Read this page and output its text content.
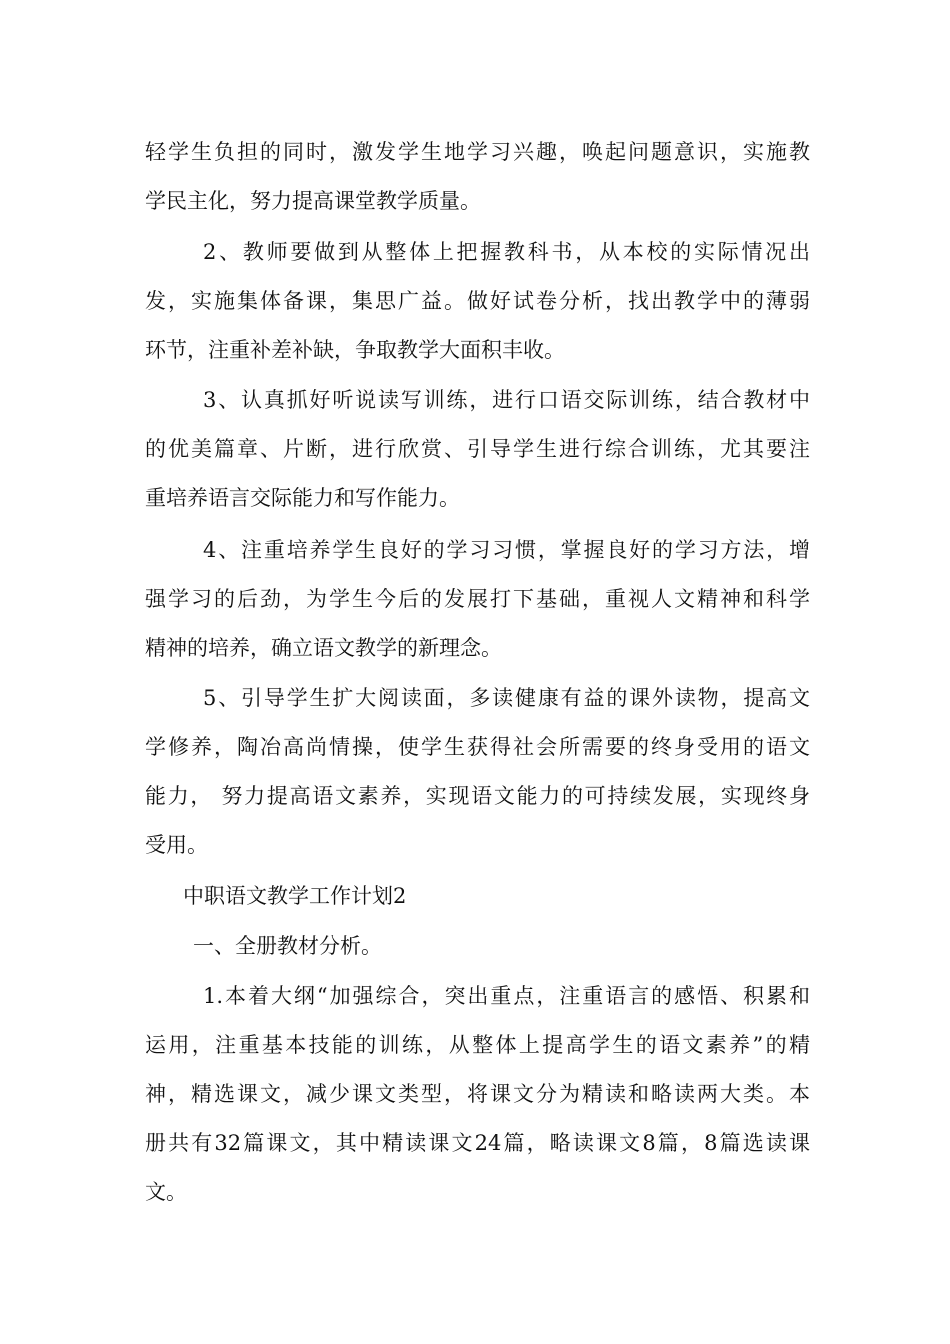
轻学生负担的同时，激发学生地学习兴趣，唤起问题意识，实施教
学民主化，努力提高课堂教学质量。
2、教师要做到从整体上把握教科书，从本校的实际情况出
发，实施集体备课，集思广益。做好试卷分析，找出教学中的薄弱
环节，注重补差补缺，争取教学大面积丰收。
3、认真抓好听说读写训练，进行口语交际训练，结合教材中
的优美篇章、片断，进行欣赏、引导学生进行综合训练，尤其要注
重培养语言交际能力和写作能力。
4、注重培养学生良好的学习习惯，掌握良好的学习方法，增
强学习的后劲，为学生今后的发展打下基础，重视人文精神和科学
精神的培养，确立语文教学的新理念。
5、引导学生扩大阅读面，多读健康有益的课外读物，提高文
学修养，陶冶高尚情操，使学生获得社会所需要的终身受用的语文
能力， 努力提高语文素养，实现语文能力的可持续发展，实现终身
受用。
中职语文教学工作计划2
一、全册教材分析。
1.本着大纲“加强综合，突出重点，注重语言的感悟、积累和
运用，注重基本技能的训练，从整体上提高学生的语文素养”的精
神，精选课文，减少课文类型，将课文分为精读和略读两大类。本
册共有32篇课文，其中精读课文24篇，略读课文8篇，8篇选读课
文。
